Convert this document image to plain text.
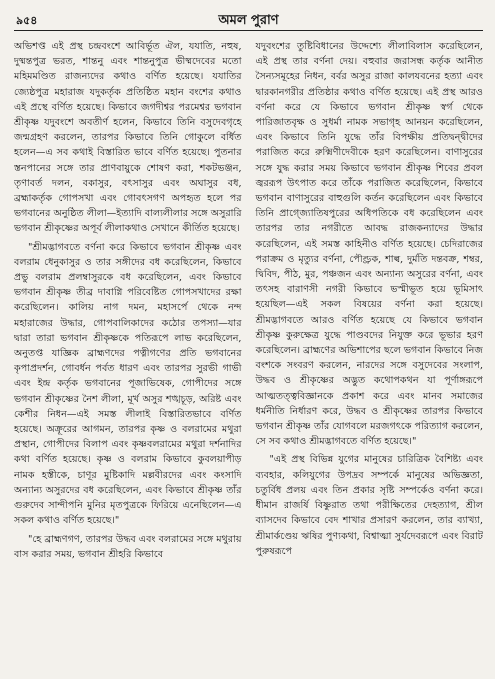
৯৫৪	অমল পুরাণ

অভিশপ্ত এই প্রস্থ চন্দ্রবংশে আবির্ভূত ঐল, যযাতি, নহুষ, দুষ্মন্তপুত্র ভরত, শান্তনু এবং শান্তনুপুত্র ভীষ্মদেবের মতো মহিমমণ্ডিত রাজন্যদের কথাও বর্ণিত হয়েছে। যযাতির জ্যেষ্ঠপুত্র মহারাজ যদুকর্তৃক প্রতিষ্ঠিত মহান বংশের কথাও এই প্রস্থে বর্ণিত হয়েছে। কিভাবে জগদীশ্বর পরমেশ্বর ভগবান শ্রীকৃষ্ণ যদুবংশে অবতীর্ণ হলেন, কিভাবে তিনি বসুদেবগৃহে জন্মগ্রহণ করলেন, তারপর কিভাবে তিনি গোকুলে বর্ধিত হলেন—এ সব কথাই বিস্তারিত ভাবে বর্ণিত হয়েছে। পুতনার স্তনপানের সঙ্গে তার প্রাণবায়ুকে শোষণ করা, শকটভঞ্জন, তৃণাবর্ত দলন, বকাসুর, বৎসাসুর এবং অঘাসুর বধ, ব্রহ্মাকর্তৃক গোপসখা এবং গোবৎসগণ অপহৃত হলে পর ভগবানের অনুষ্ঠিত লীলা—ইত্যাদি বাল্যলীলার সঙ্গে অসুরারি ভগবান শ্রীকৃষ্ণের অপূর্ব লীলাকথাও সেখানে কীর্তিত হয়েছে।

"শ্রীমদ্ভাগবতে বর্ণনা করে কিভাবে ভগবান শ্রীকৃষ্ণ এবং বলরাম ধেনুকাসুর ও তার সঙ্গীদের বধ করেছিলেন, কিভাবে প্রভু বলরাম প্রলম্বাসুরকে বধ করেছিলেন, এবং কিভাবে ভগবান শ্রীকৃষ্ণ তীব্র দাবাগ্নি পরিবেষ্টিত গোপসখাদের রক্ষা করেছিলেন। কালিয় নাগ দমন, মহাসর্পে থেকে নন্দ মহারাজের উদ্ধার, গোপবালিকাদের কঠোর তপস্যা—যার দ্বারা তারা ভগবান শ্রীকৃষ্ণকে পতিরূপে লাভ করেছিলেন, অনুতপ্ত যাজ্ঞিক ব্রাহ্মণদের পত্নীগণের প্রতি ভগবানের কৃপাপ্রদর্শন, গোবর্ধন পর্বত ধারণ এবং তারপর সুরভী গাভী এবং ইন্দ্র কর্তৃক ভগবানের পূজাভিষেক, গোপীদের সঙ্গে ভগবান শ্রীকৃষ্ণের নৈশ লীলা, মূর্খ অসুর শঙ্খচূড়, অরিষ্ট এবং কেশীর নিধন—এই সমস্ত লীলাই বিস্তারিতভাবে বর্ণিত হয়েছে। অক্রূরের আগমন, তারপর কৃষ্ণ ও বলরামের মথুরা প্রস্থান, গোপীদের বিলাপ এবং কৃষ্ণবলরামের মথুরা দর্শনাদির কথা বর্ণিত হয়েছে। কৃষ্ণ ও বলরাম কিভাবে কুবলয়াপীড় নামক হস্তীকে, চাণূর মুষ্টিকাদি মল্লবীরদের এবং কংসাদি অন্যান্য অসুরদের বধ করেছিলেন, এবং কিভাবে শ্রীকৃষ্ণ তাঁর গুরুদেব সান্দীপনি মুনির মৃতপুত্রকে ফিরিয়ে এনেছিলেন—এ সকল কথাও বর্ণিত হয়েছে।"

"হে ব্রাহ্মণগণ, তারপর উদ্ধব এবং বলরামের সঙ্গে মথুরায় বাস করার সময়, ভগবান শ্রীহরি কিভাবে

যদুবংশের তুষ্টিবিধানের উদ্দেশ্যে লীলাবিলাস করেছিলেন, এই প্রস্থ তার বর্ণনা দেয়। বহুবার জরাসন্ধ কর্তৃক আনীত সৈন্যসমূহের নিধন, বর্বর অসুর রাজা কালযবনের হত্যা এবং দ্বারকানগরীর প্রতিষ্ঠার কথাও বর্ণিত হয়েছে। এই প্রস্থ আরও বর্ণনা করে যে কিভাবে ভগবান শ্রীকৃষ্ণ স্বর্গ থেকে পারিজাতবৃক্ষ ও সুধর্মা নামক সভাগৃহ আনয়ন করেছিলেন, এবং কিভাবে তিনি যুদ্ধে তাঁর বিপক্ষীয় প্রতিদ্বন্দ্বীদের পরাজিত করে রুক্মিণীদেবীকে হরণ করেছিলেন। বাণাসুরের সঙ্গে যুদ্ধ করার সময় কিভাবে ভগবান শ্রীকৃষ্ণ শিবের প্রবল জ্বররূপ উৎপাত করে তাঁকে পরাজিত করেছিলেন, কিভাবে ভগবান বাণাসুরের বাহুগুলি কর্তন করেছিলেন এবং কিভাবে তিনি প্রাগ্জ্যোতিষপুরের অধিপতিকে বধ করেছিলেন এবং তারপর তার নগরীতে আবদ্ধ রাজকন্যাদের উদ্ধার করেছিলেন, এই সমস্ত কাহিনীও বর্ণিত হয়েছে। চেদিরাজের পরাক্রম ও মৃত্যুর বর্ণনা, পৌণ্ড্রক, শাল্ব, দুর্মতি দন্তবক্র, শম্বর, দ্বিবিদ, পীঠ, মুর, পঞ্চজন এবং অন্যান্য অসুরের বর্ণনা, এবং তৎসহ বারাণসী নগরী কিভাবে ভস্মীভূত হয়ে ভূমিসাৎ হয়েছিল—এই সকল বিষয়ের বর্ণনা করা হয়েছে। শ্রীমদ্ভাগবতে আরও বর্ণিত হয়েছে যে কিভাবে ভগবান শ্রীকৃষ্ণ কুরুক্ষেত্র যুদ্ধে পাণ্ডবদের নিযুক্ত করে ভূভার হরণ করেছিলেন। ব্রাহ্মণের অভিশাপের ছলে ভগবান কিভাবে নিজ বংশকে সংবরণ করলেন, নারদের সঙ্গে বসুদেবের সংলাপ, উদ্ধব ও শ্রীকৃষ্ণের অদ্ভুত কথোপকথন যা পূর্ণাঙ্গরূপে আত্মতত্ত্ববিজ্ঞানকে প্রকাশ করে এবং মানব সমাজের ধর্মনীতি নির্ধারণ করে, উদ্ধব ও শ্রীকৃষ্ণের তারপর কিভাবে ভগবান শ্রীকৃষ্ণ তাঁর যোগবলে মরজগৎকে পরিত্যাগ করলেন, সে সব কথাও শ্রীমদ্ভাগবতে বর্ণিত হয়েছে।"

"এই প্রস্থ বিভিন্ন যুগের মানুষের চারিত্রিক বৈশিষ্ট্য এবং ব্যবহার, কলিযুগের উপদ্রব সম্পর্কে মানুষের অভিজ্ঞতা, চতুর্বিধ প্রলয় এবং তিন প্রকার সৃষ্টি সম্পর্কেও বর্ণনা করে। ধীমান রাজর্ষি বিষ্ণুরাত তথা পরীক্ষিতের দেহত্যাগ, শ্রীল ব্যাসদেব কিভাবে বেদ শাখার প্রসারণ করলেন, তার ব্যাখ্যা, শ্রীমার্কণ্ডেয় ঋষির পুণ্যকথা, বিশ্বাত্মা সুর্যদেবরূপে এবং বিরাট পুরুষরূপে
